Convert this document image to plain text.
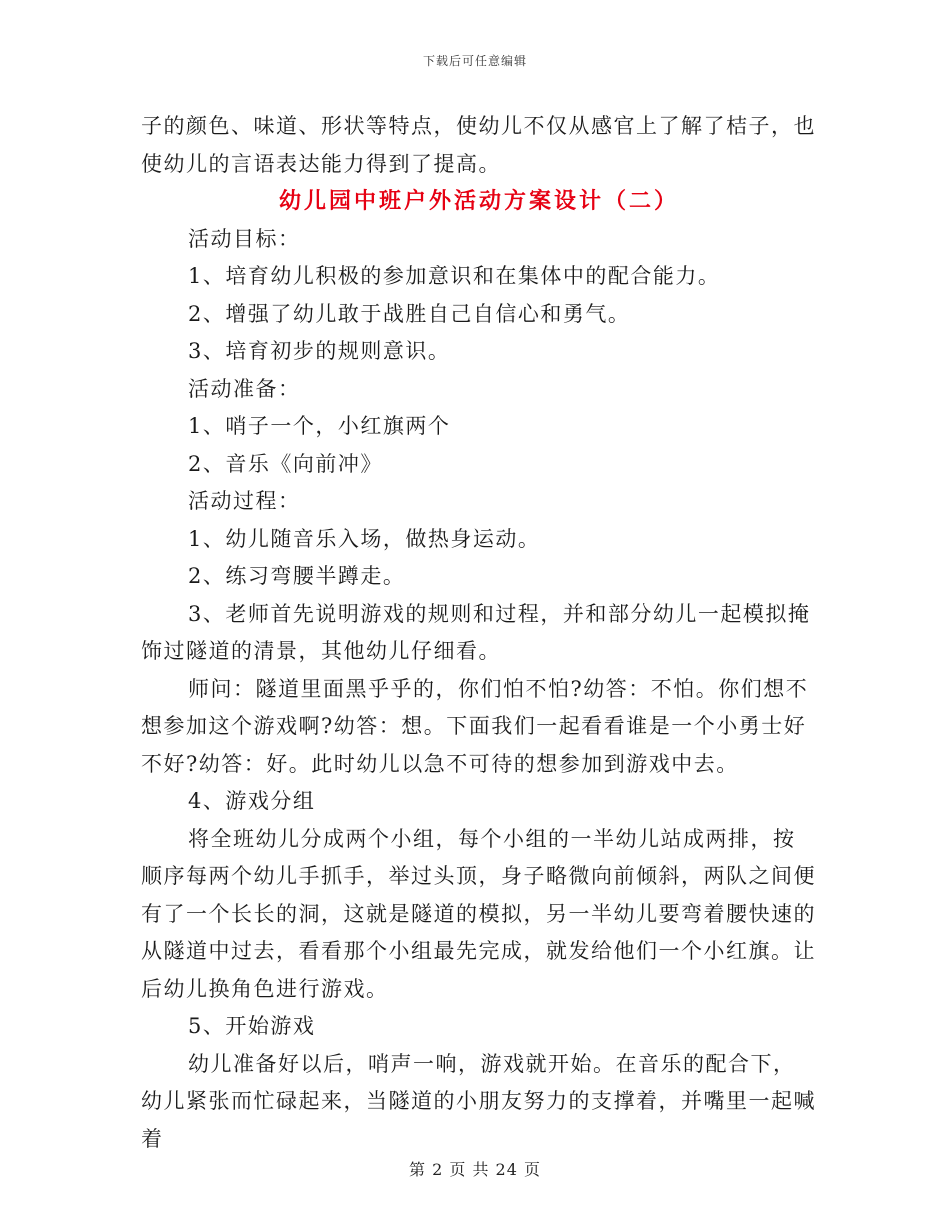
下载后可任意编辑

子的颜色、味道、形状等特点，使幼儿不仅从感官上了解了桔子，也使幼儿的言语表达能力得到了提高。

幼儿园中班户外活动方案设计（二）

活动目标：

1、培育幼儿积极的参加意识和在集体中的配合能力。

2、增强了幼儿敢于战胜自己自信心和勇气。

3、培育初步的规则意识。

活动准备：

1、哨子一个，小红旗两个

2、音乐《向前冲》

活动过程：

1、幼儿随音乐入场，做热身运动。

2、练习弯腰半蹲走。

3、老师首先说明游戏的规则和过程，并和部分幼儿一起模拟掩饰过隧道的清景，其他幼儿仔细看。

师问：隧道里面黑乎乎的，你们怕不怕?幼答：不怕。你们想不想参加这个游戏啊?幼答：想。下面我们一起看看谁是一个小勇士好不好?幼答：好。此时幼儿以急不可待的想参加到游戏中去。

4、游戏分组

将全班幼儿分成两个小组，每个小组的一半幼儿站成两排，按顺序每两个幼儿手抓手，举过头顶，身子略微向前倾斜，两队之间便有了一个长长的洞，这就是隧道的模拟，另一半幼儿要弯着腰快速的从隧道中过去，看看那个小组最先完成，就发给他们一个小红旗。让后幼儿换角色进行游戏。

5、开始游戏

幼儿准备好以后，哨声一响，游戏就开始。在音乐的配合下，幼儿紧张而忙碌起来，当隧道的小朋友努力的支撑着，并嘴里一起喊着

第 2 页 共 24 页
